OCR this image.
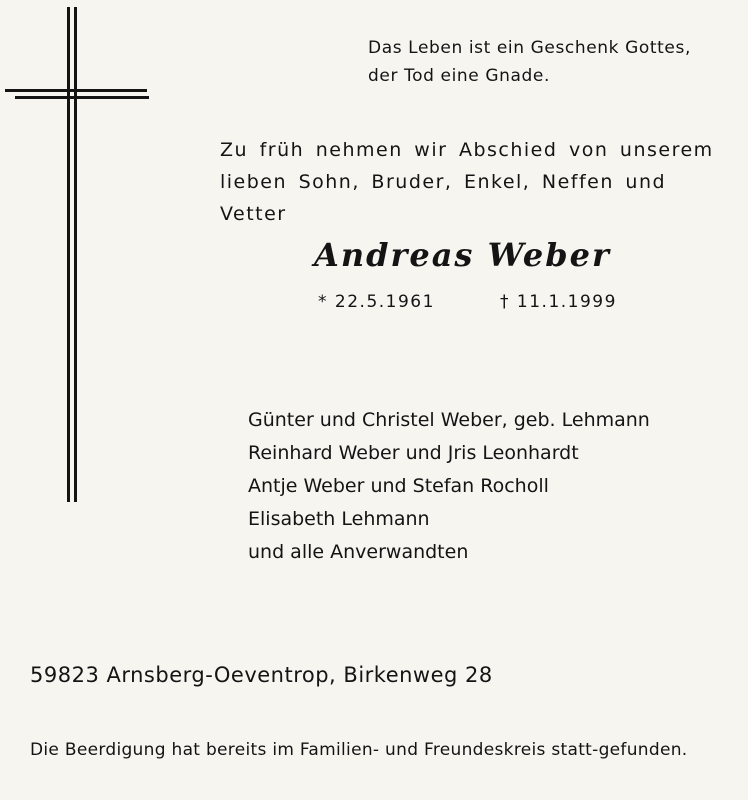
Das Leben ist ein Geschenk Gottes,
der Tod eine Gnade.
Zu früh nehmen wir Abschied von unserem lieben Sohn, Bruder, Enkel, Neffen und Vetter
Andreas Weber
* 22.5.1961	† 11.1.1999
Günter und Christel Weber, geb. Lehmann
Reinhard Weber und Jris Leonhardt
Antje Weber und Stefan Rocholl
Elisabeth Lehmann
und alle Anverwandten
59823 Arnsberg-Oeventrop, Birkenweg 28
Die Beerdigung hat bereits im Familien- und Freundeskreis statt-gefunden.
